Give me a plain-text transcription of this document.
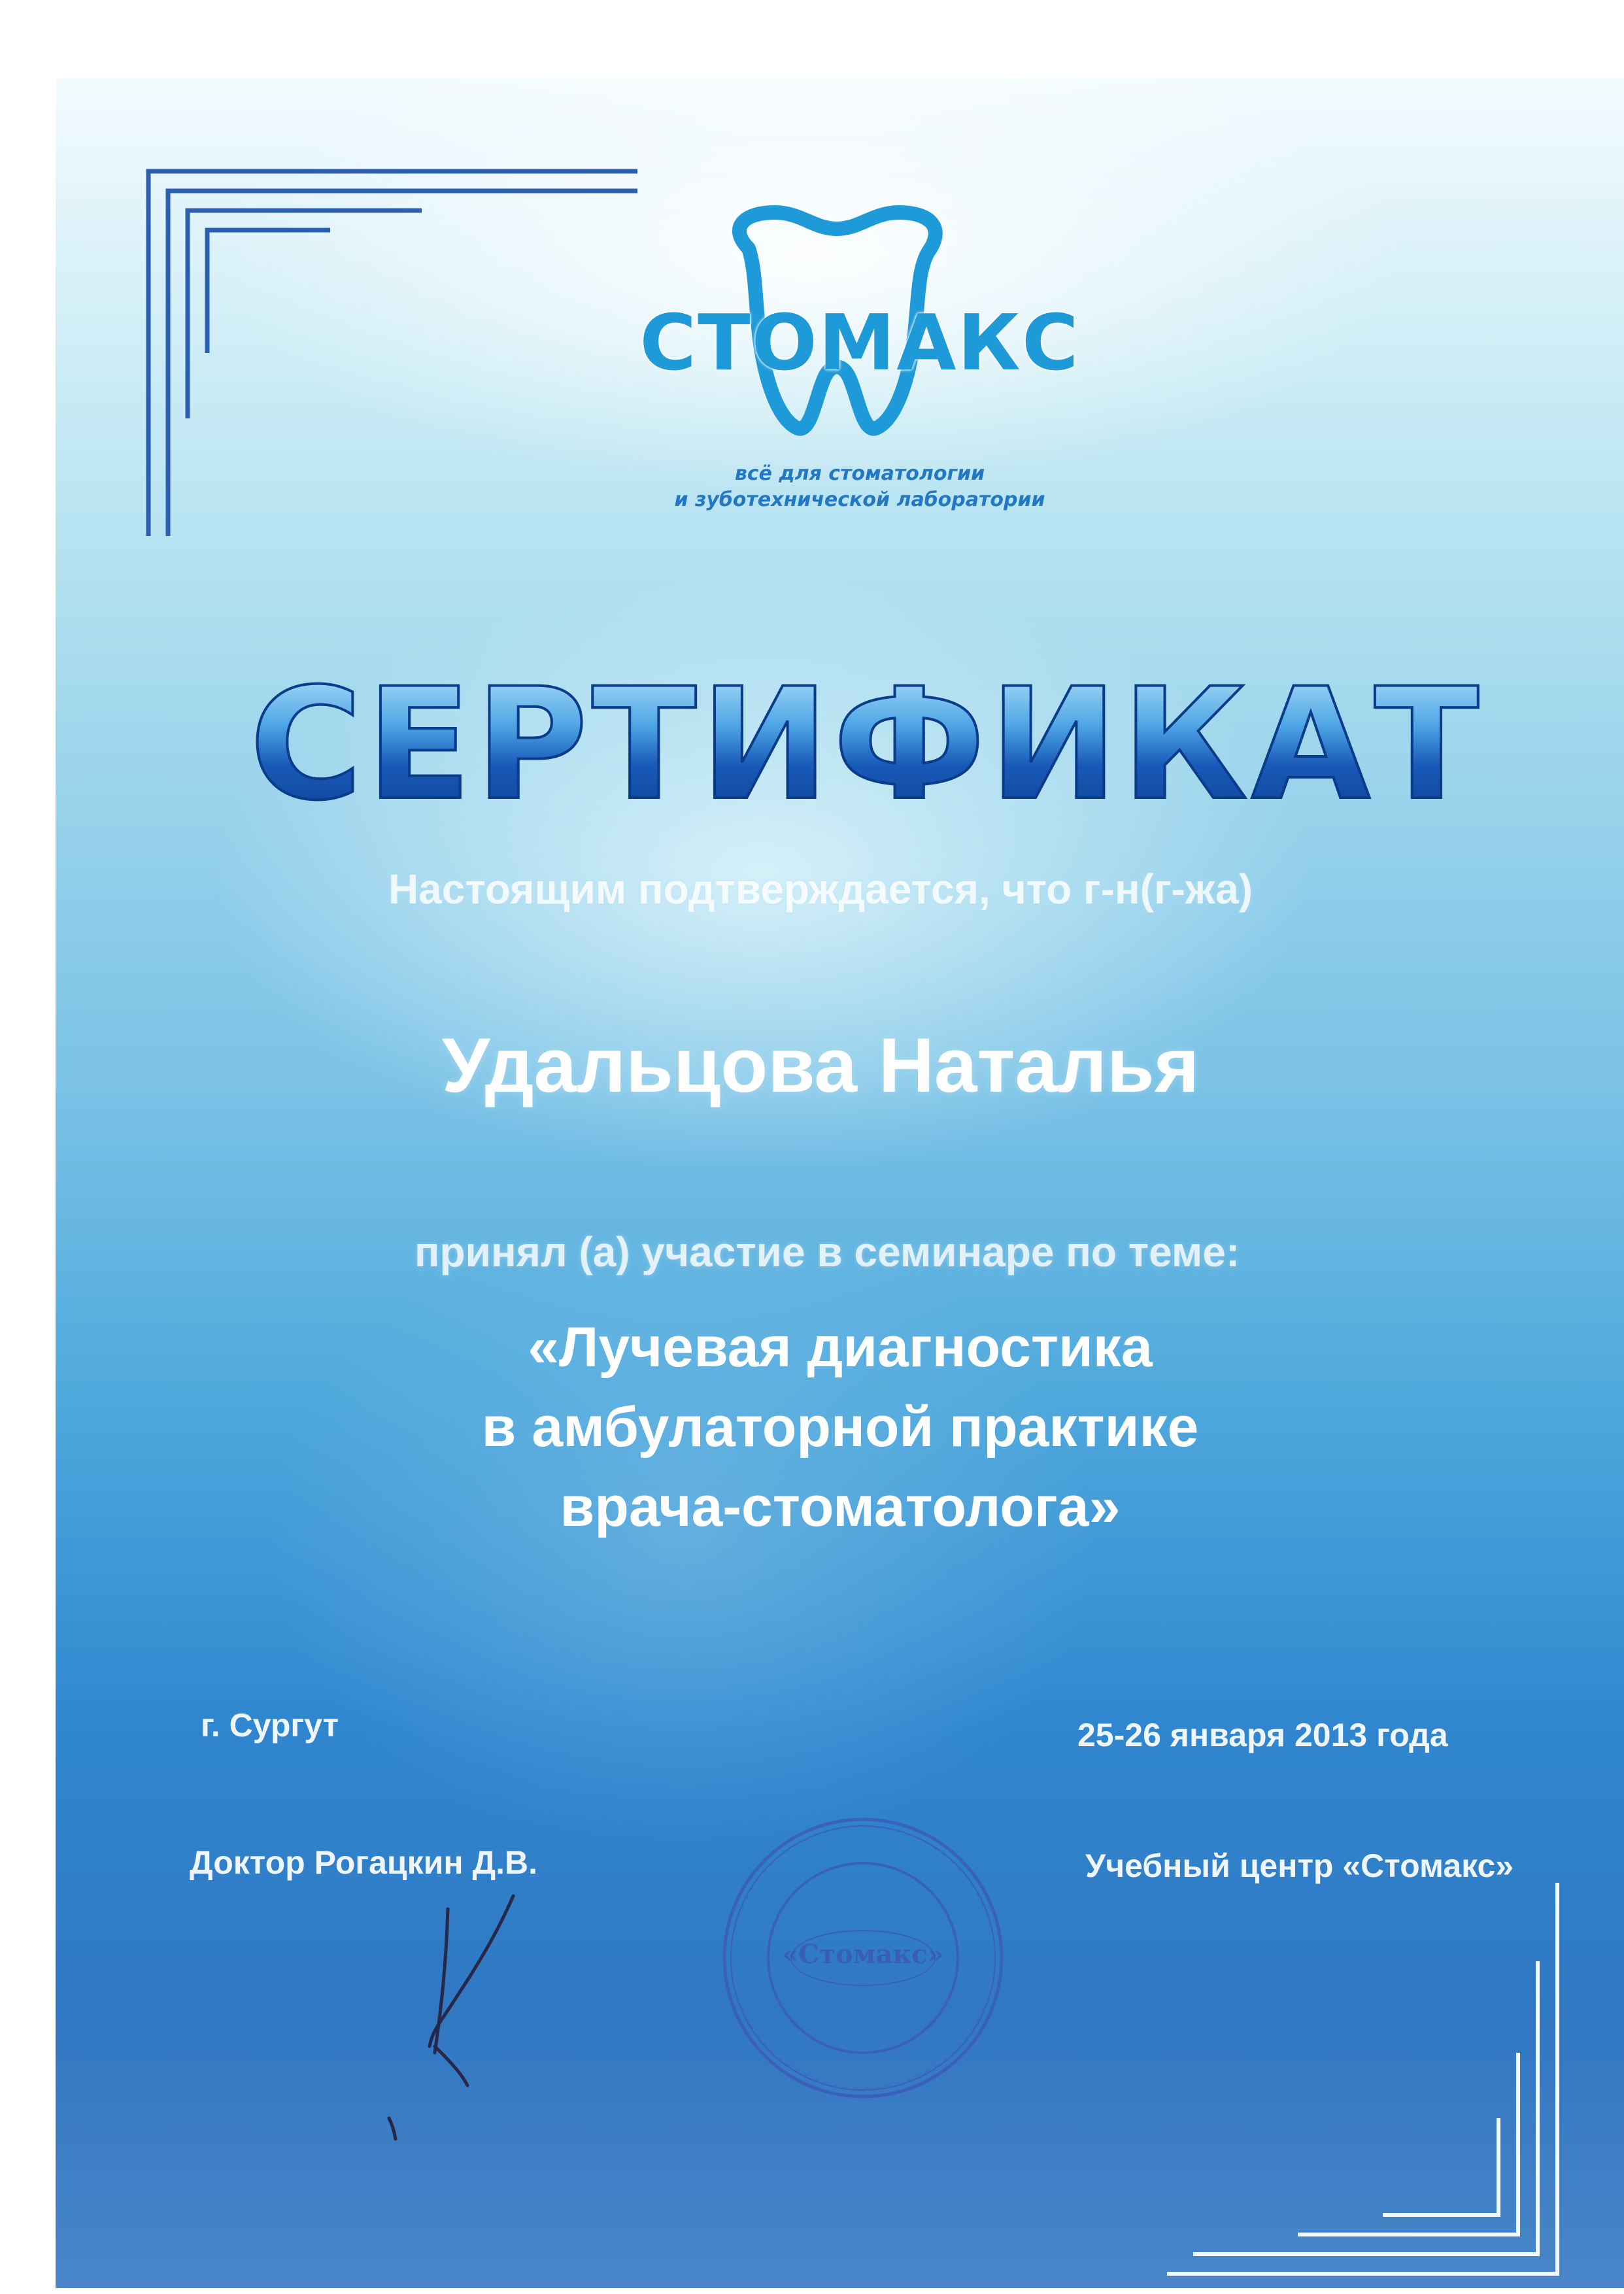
СТОМАКС
всё для стоматологии
и зуботехнической лаборатории
СЕРТИФИКАТ
Настоящим подтверждается, что г-н(г-жа)
Удальцова Наталья
принял (а) участие в семинаре по теме:
«Лучевая диагностика
в амбулаторной практике
врача-стоматолога»
г. Сургут	25-26 января 2013 года
Доктор Рогацкин Д.В.	Учебный центр «Стомакс»
«Стомакс»
